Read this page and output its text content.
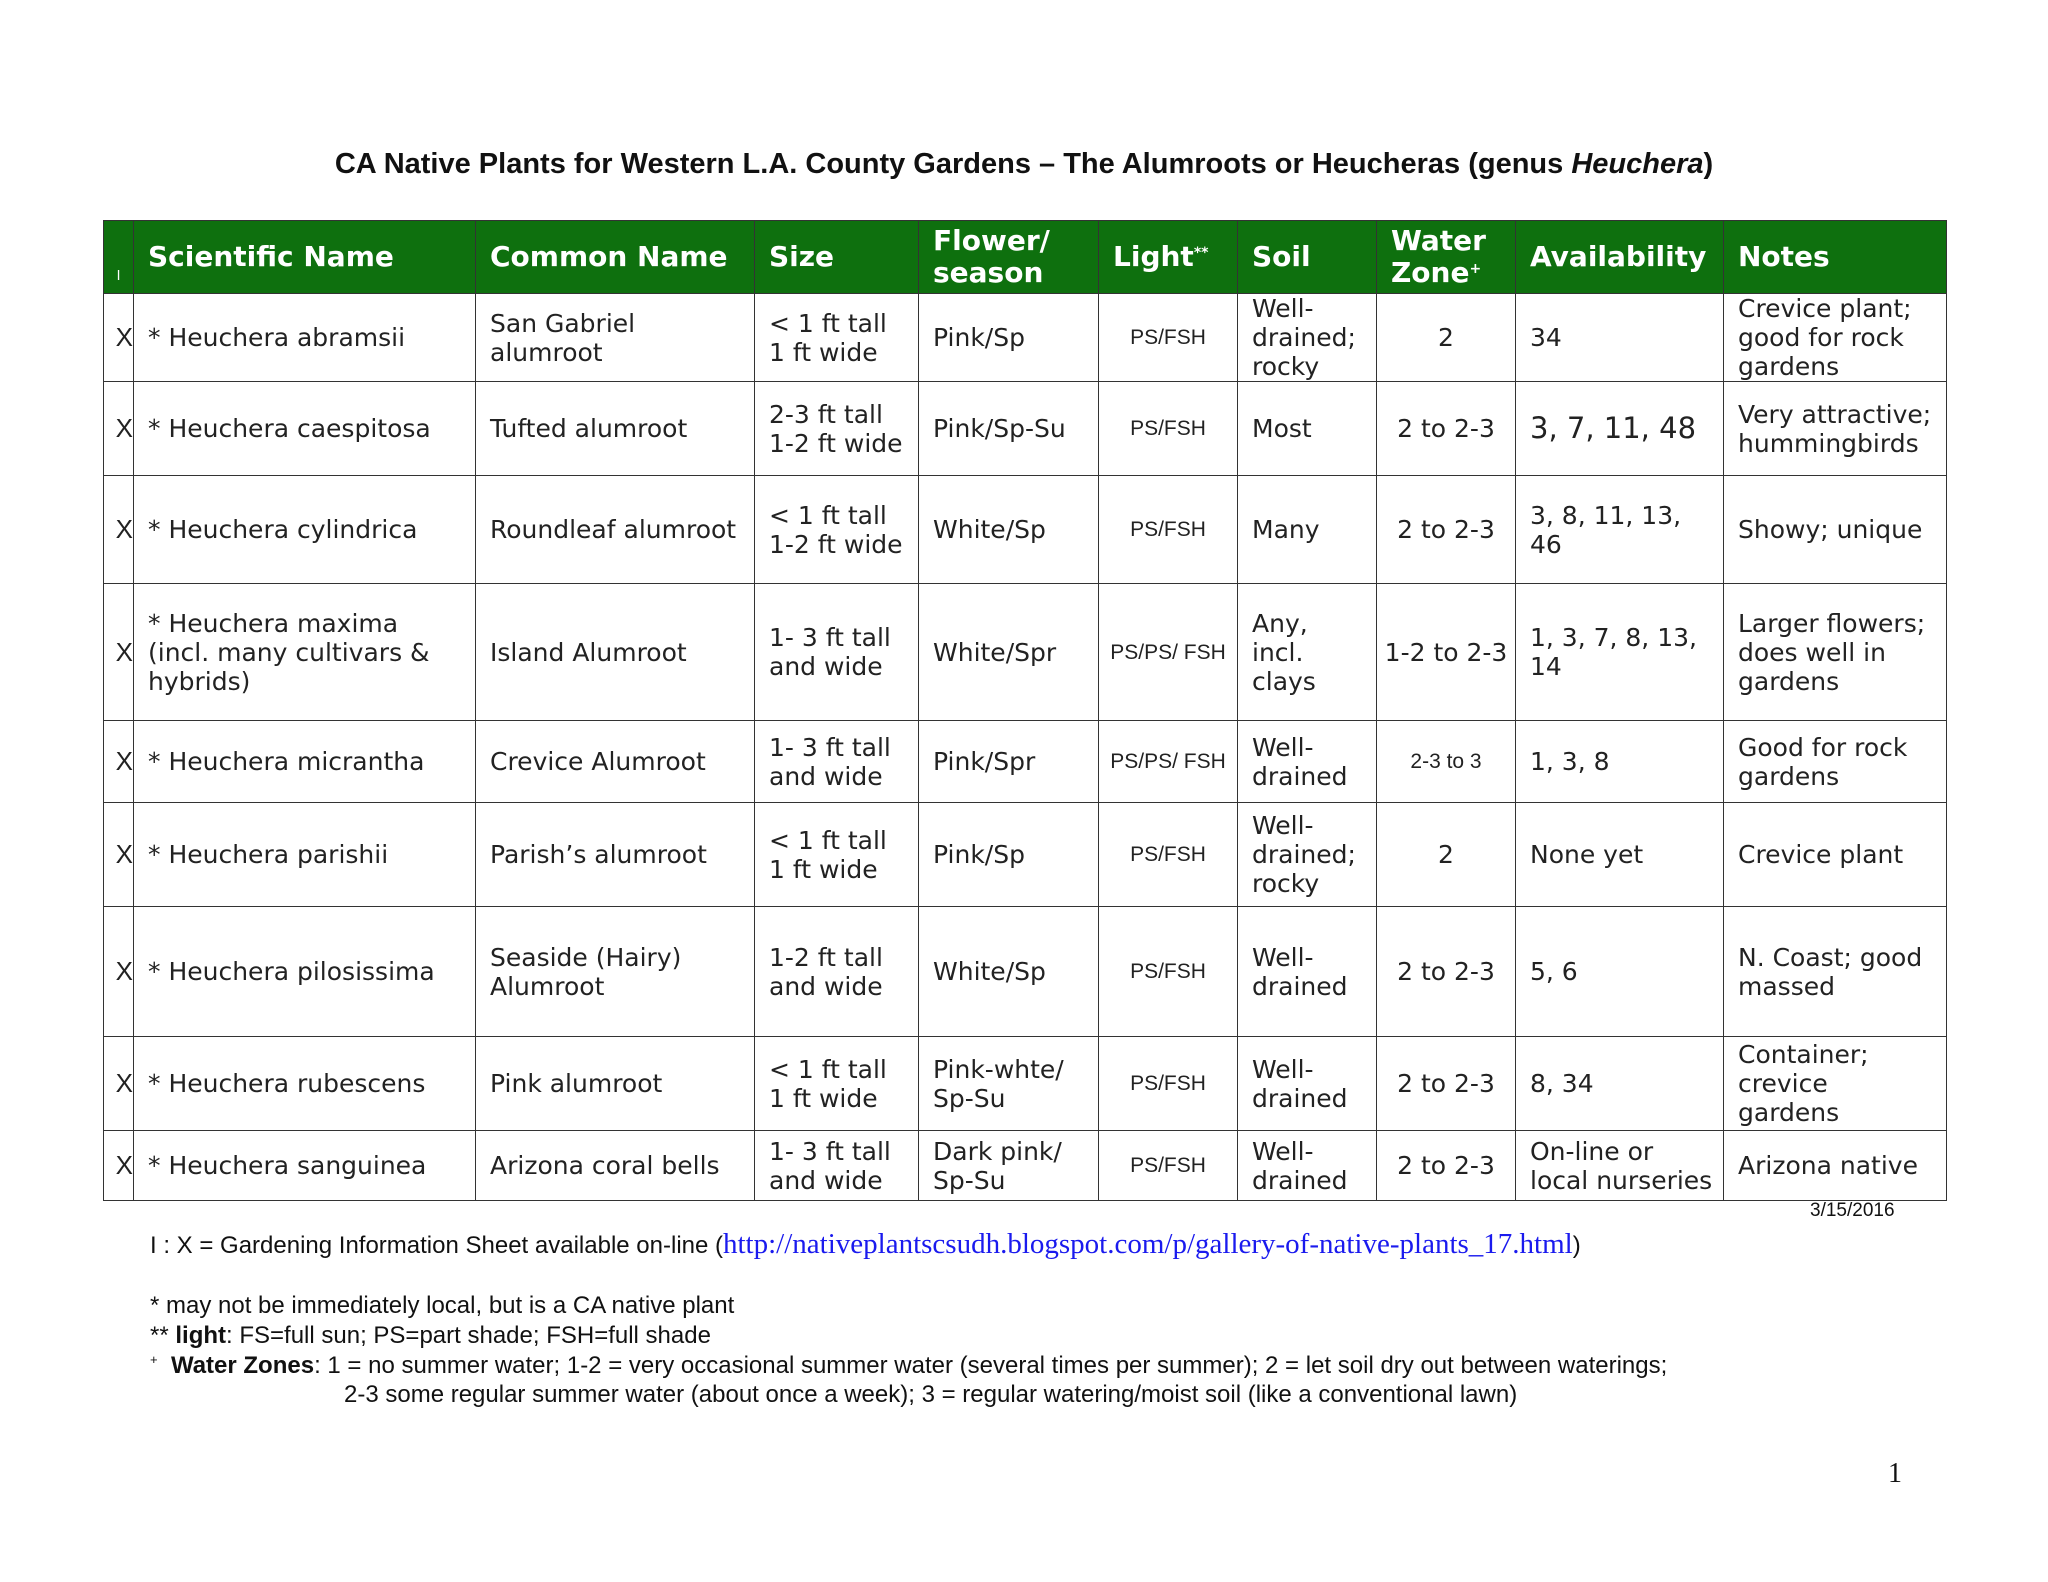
CA Native Plants for Western L.A. County Gardens – The Alumroots or Heucheras (genus Heuchera)
I	Scientific Name	Common Name	Size	Flower/
season	Light**	Soil	Water
Zone+	Availability	Notes
X	* Heuchera abramsii	San Gabriel alumroot	< 1 ft tall
1 ft wide	Pink/Sp	PS/FSH	Well-drained; rocky	2	34	Crevice plant; good for rock gardens
X	* Heuchera caespitosa	Tufted alumroot	2-3 ft tall
1-2 ft wide	Pink/Sp-Su	PS/FSH	Most	2 to 2-3	3, 7, 11, 48	Very attractive; hummingbirds
X	* Heuchera cylindrica	Roundleaf alumroot	< 1 ft tall
1-2 ft wide	White/Sp	PS/FSH	Many	2 to 2-3	3, 8, 11, 13, 46	Showy; unique
X	* Heuchera maxima (incl. many cultivars & hybrids)	Island Alumroot	1- 3 ft tall
and wide	White/Spr	PS/PS/ FSH	Any, incl. clays	1-2 to 2-3	1, 3, 7, 8, 13, 14	Larger flowers; does well in gardens
X	* Heuchera micrantha	Crevice Alumroot	1- 3 ft tall
and wide	Pink/Spr	PS/PS/ FSH	Well-drained	2-3 to 3	1, 3, 8	Good for rock gardens
X	* Heuchera parishii	Parish’s alumroot	< 1 ft tall
1 ft wide	Pink/Sp	PS/FSH	Well-drained; rocky	2	None yet	Crevice plant
X	* Heuchera pilosissima	Seaside (Hairy) Alumroot	1-2 ft tall
and wide	White/Sp	PS/FSH	Well-drained	2 to 2-3	5, 6	N. Coast; good massed
X	* Heuchera rubescens	Pink alumroot	< 1 ft tall
1 ft wide	Pink-whte/ Sp-Su	PS/FSH	Well-drained	2 to 2-3	8, 34	Container; crevice gardens
X	* Heuchera sanguinea	Arizona coral bells	1- 3 ft tall
and wide	Dark pink/ Sp-Su	PS/FSH	Well-drained	2 to 2-3	On-line or local nurseries	Arizona native
3/15/2016
I : X = Gardening Information Sheet available on-line (http://nativeplantscsudh.blogspot.com/p/gallery-of-native-plants_17.html)
* may not be immediately local, but is a CA native plant
** light: FS=full sun; PS=part shade; FSH=full shade
+ Water Zones: 1 = no summer water; 1-2 = very occasional summer water (several times per summer); 2 = let soil dry out between waterings;
2-3 some regular summer water (about once a week); 3 = regular watering/moist soil (like a conventional lawn)
1
